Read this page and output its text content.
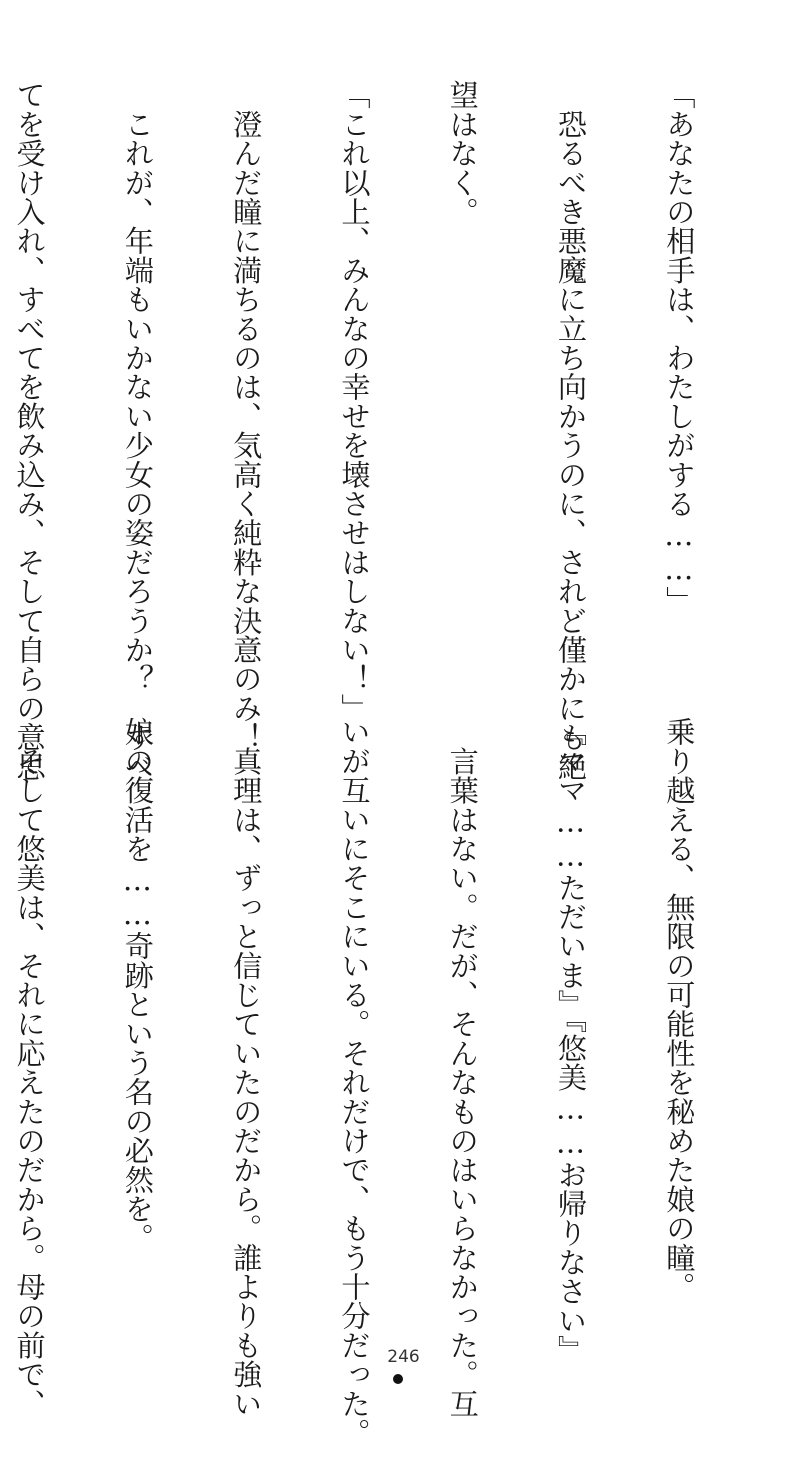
「あなたの相手は、わたしがする……」

　恐るべき悪魔に立ち向かうのに、されど僅かにも絶

望はなく。

「これ以上、みんなの幸せを壊させはしない！」

　澄んだ瞳に満ちるのは、気高く純粋な決意のみ！

　これが、年端もいかない少女の姿だろうか？　すべ

てを受け入れ、すべてを飲み込み、そして自らの意思

乗り越える、無限の可能性を秘めた娘の瞳。

『ママ……ただいま』『悠美……お帰りなさい』

　言葉はない。だが、そんなものはいらなかった。互

いが互いにそこにいる。それだけで、もう十分だった。

　真理は、ずっと信じていたのだから。誰よりも強い

娘の復活を……奇跡という名の必然を。

　そして悠美は、それに応えたのだから。母の前で、

	246
